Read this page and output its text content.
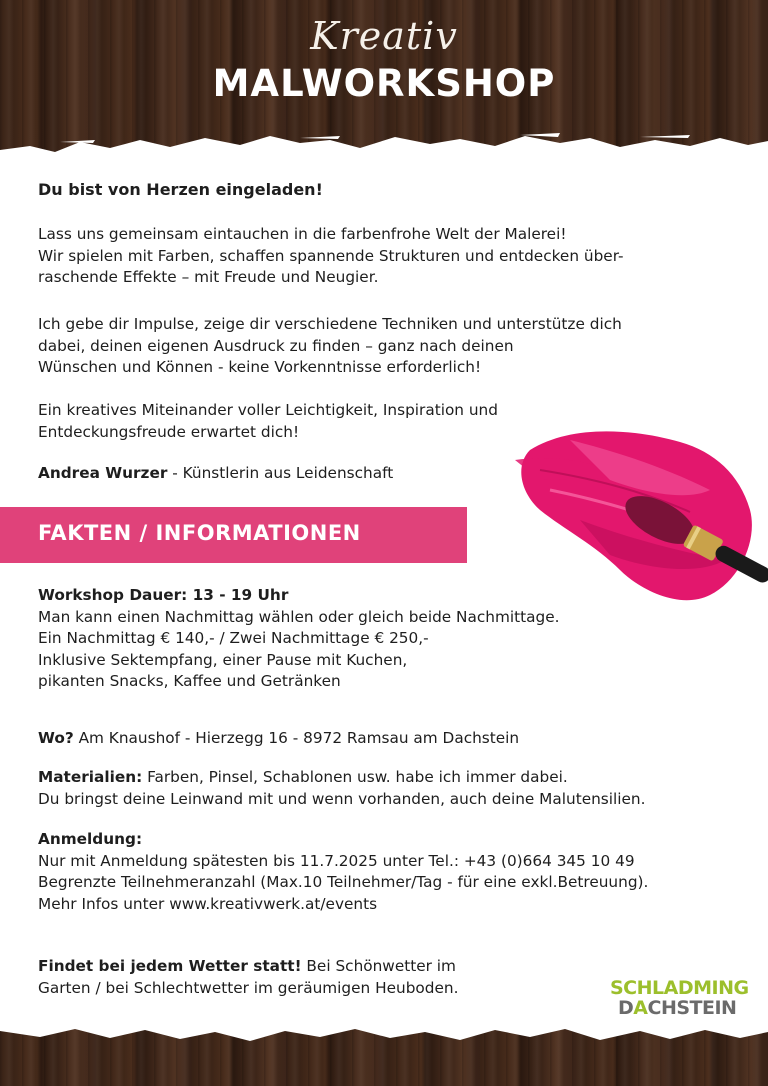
Kreativ
MALWORKSHOP
Du bist von Herzen eingeladen!

Lass uns gemeinsam eintauchen in die farbenfrohe Welt der Malerei!

Wir spielen mit Farben, schaffen spannende Strukturen und entdecken über-

raschende Effekte – mit Freude und Neugier.

Ich gebe dir Impulse, zeige dir verschiedene Techniken und unterstütze dich

dabei, deinen eigenen Ausdruck zu finden – ganz nach deinen

Wünschen und Können - keine Vorkenntnisse erforderlich!

Ein kreatives Miteinander voller Leichtigkeit, Inspiration und

Entdeckungsfreude erwartet dich!

Andrea Wurzer - Künstlerin aus Leidenschaft

FAKTEN / INFORMATIONEN

Workshop Dauer: 13 - 19 Uhr

Man kann einen Nachmittag wählen oder gleich beide Nachmittage.

Ein Nachmittag € 140,- / Zwei Nachmittage € 250,-

Inklusive Sektempfang, einer Pause mit Kuchen,

pikanten Snacks, Kaffee und Getränken

Wo? Am Knaushof - Hierzegg 16 - 8972 Ramsau am Dachstein

Materialien: Farben, Pinsel, Schablonen usw. habe ich immer dabei.

Du bringst deine Leinwand mit und wenn vorhanden, auch deine Malutensilien.

Anmeldung:

Nur mit Anmeldung spätesten bis 11.7.2025 unter Tel.: +43 (0)664 345 10 49

Begrenzte Teilnehmeranzahl (Max.10 Teilnehmer/Tag - für eine exkl.Betreuung).

Mehr Infos unter www.kreativwerk.at/events

Findet bei jedem Wetter statt! Bei Schönwetter im

Garten / bei Schlechtwetter im geräumigen Heuboden.	SCHLADMING
DACHSTEIN
